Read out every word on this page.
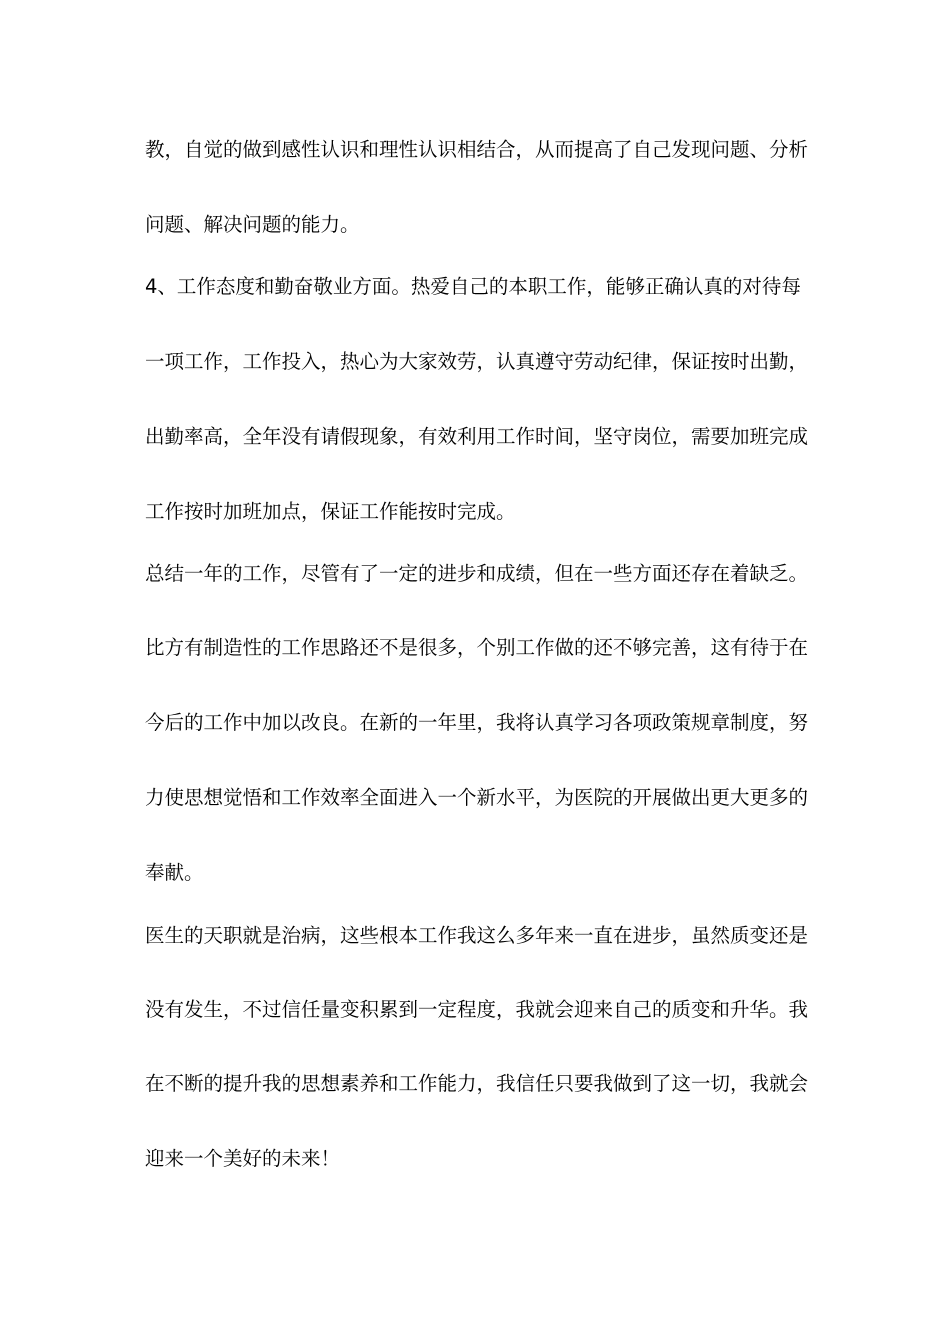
教，自觉的做到感性认识和理性认识相结合，从而提高了自己发现问题、分析
问题、解决问题的能力。
4、工作态度和勤奋敬业方面。热爱自己的本职工作，能够正确认真的对待每
一项工作，工作投入，热心为大家效劳，认真遵守劳动纪律，保证按时出勤，
出勤率高，全年没有请假现象，有效利用工作时间，坚守岗位，需要加班完成
工作按时加班加点，保证工作能按时完成。
总结一年的工作，尽管有了一定的进步和成绩，但在一些方面还存在着缺乏。
比方有制造性的工作思路还不是很多，个别工作做的还不够完善，这有待于在
今后的工作中加以改良。在新的一年里，我将认真学习各项政策规章制度，努
力使思想觉悟和工作效率全面进入一个新水平，为医院的开展做出更大更多的
奉献。
医生的天职就是治病，这些根本工作我这么多年来一直在进步，虽然质变还是
没有发生，不过信任量变积累到一定程度，我就会迎来自己的质变和升华。我
在不断的提升我的思想素养和工作能力，我信任只要我做到了这一切，我就会
迎来一个美好的未来！
